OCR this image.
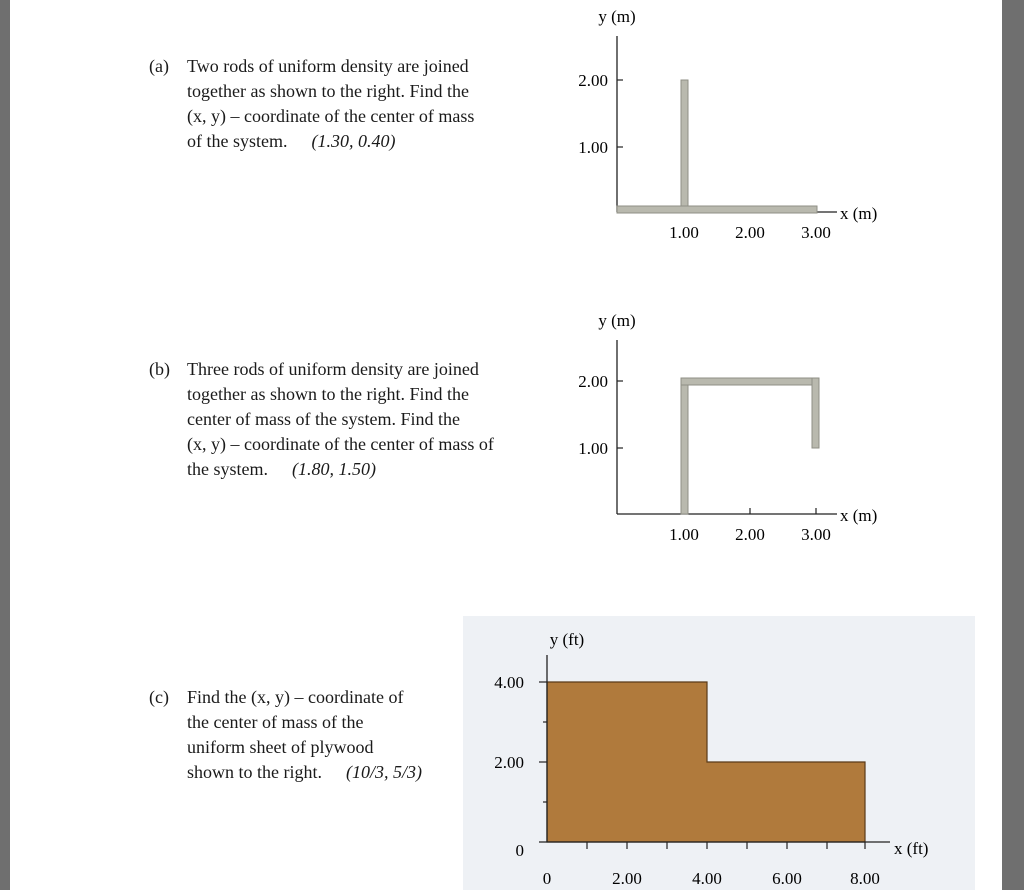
(a) Two rods of uniform density are joined
together as shown to the right. Find the
(x, y) – coordinate of the center of mass
of the system. (1.30, 0.40)
(b) Three rods of uniform density are joined
together as shown to the right. Find the
center of mass of the system. Find the
(x, y) – coordinate of the center of mass of
the system. (1.80, 1.50)
(c) Find the (x, y) – coordinate of
the center of mass of the
uniform sheet of plywood
shown to the right. (10/3, 5/3)
y (m)
2.00
1.00
1.00 2.00 3.00
x (m)
y (m)
2.00
1.00
1.00 2.00 3.00
x (m)
y (ft)
4.00
2.00
0
0	2.00	4.00	6.00	8.00
x (ft)
